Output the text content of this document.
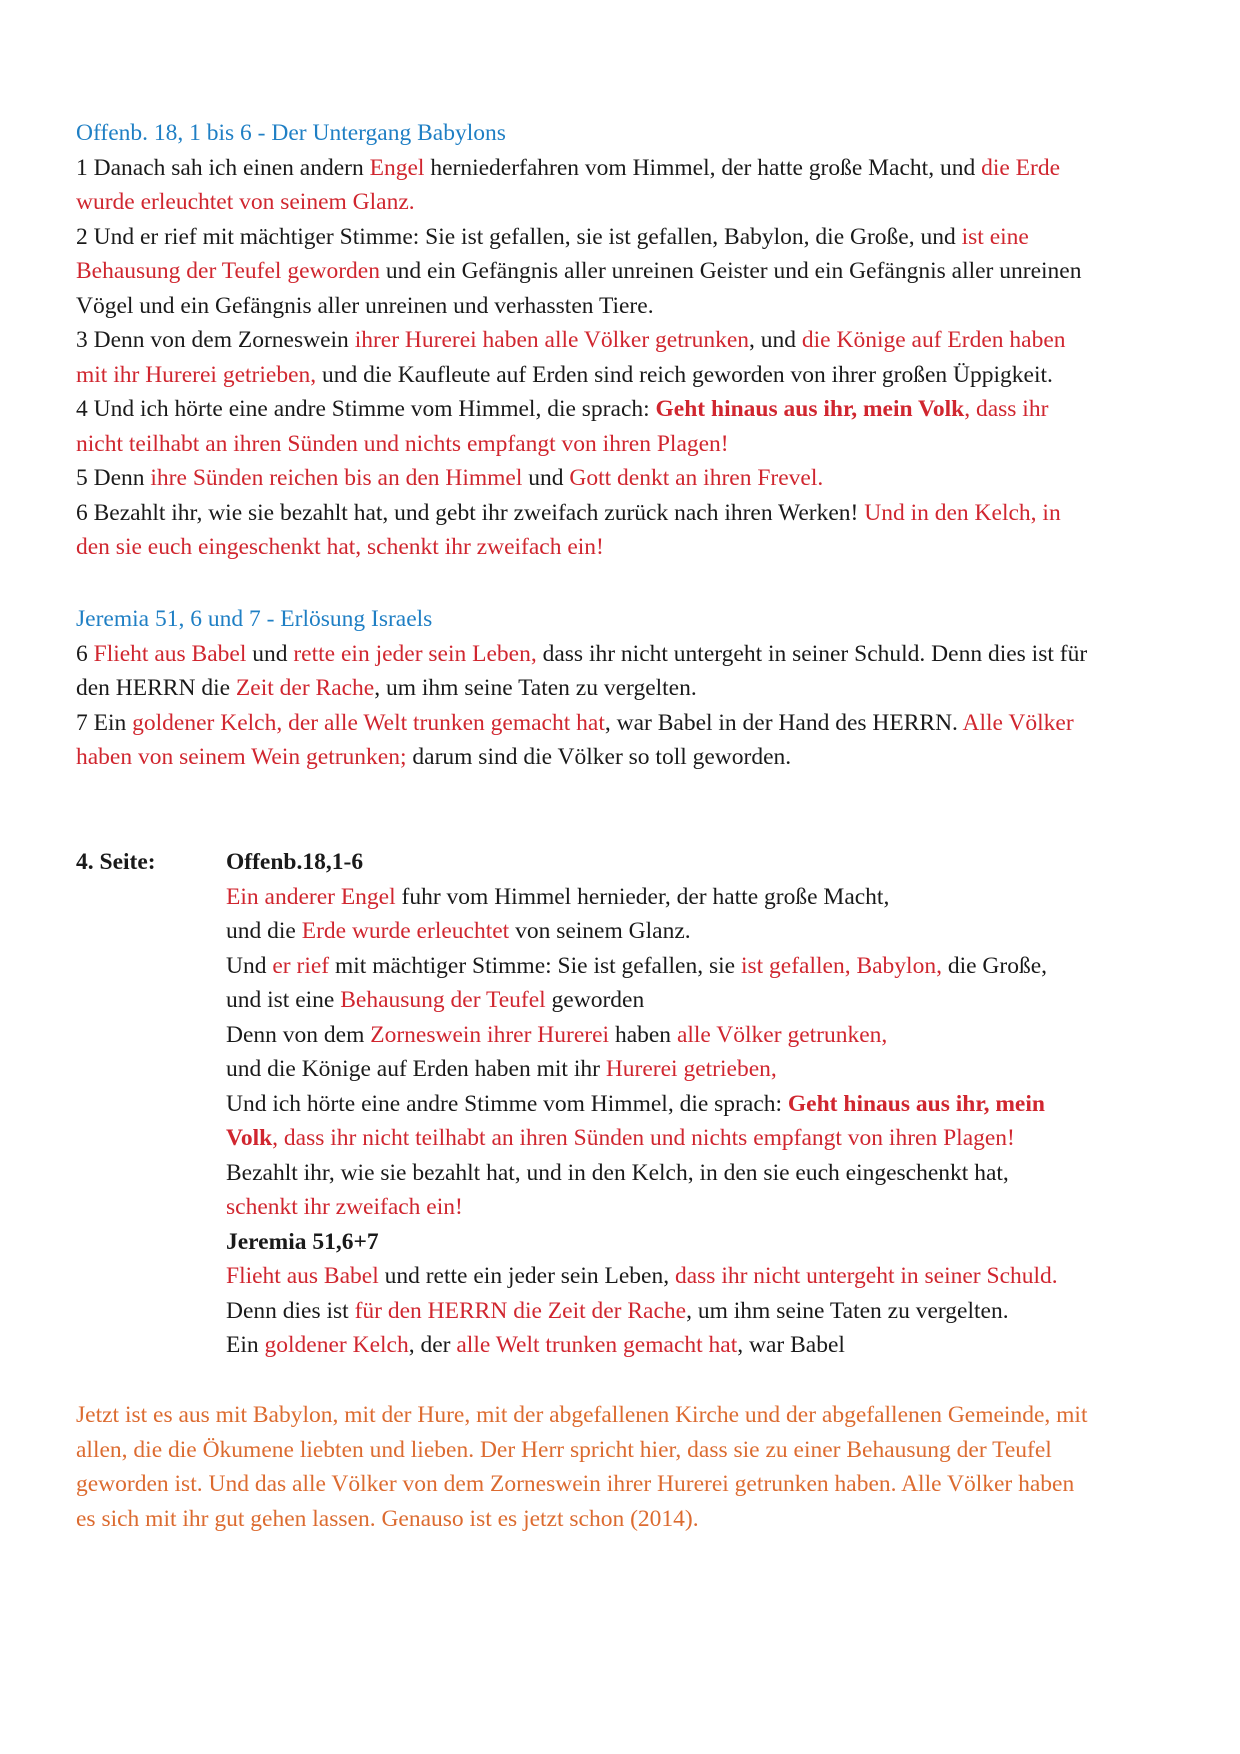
Offenb. 18, 1 bis 6 - Der Untergang Babylons
1 Danach sah ich einen andern Engel herniederfahren vom Himmel, der hatte große Macht, und die Erde
wurde erleuchtet von seinem Glanz.
2 Und er rief mit mächtiger Stimme: Sie ist gefallen, sie ist gefallen, Babylon, die Große, und ist eine
Behausung der Teufel geworden und ein Gefängnis aller unreinen Geister und ein Gefängnis aller unreinen
Vögel und ein Gefängnis aller unreinen und verhassten Tiere.
3 Denn von dem Zorneswein ihrer Hurerei haben alle Völker getrunken, und die Könige auf Erden haben
mit ihr Hurerei getrieben, und die Kaufleute auf Erden sind reich geworden von ihrer großen Üppigkeit.
4 Und ich hörte eine andre Stimme vom Himmel, die sprach: Geht hinaus aus ihr, mein Volk, dass ihr
nicht teilhabt an ihren Sünden und nichts empfangt von ihren Plagen!
5 Denn ihre Sünden reichen bis an den Himmel und Gott denkt an ihren Frevel.
6 Bezahlt ihr, wie sie bezahlt hat, und gebt ihr zweifach zurück nach ihren Werken! Und in den Kelch, in
den sie euch eingeschenkt hat, schenkt ihr zweifach ein!
Jeremia 51, 6 und 7 - Erlösung Israels
6 Flieht aus Babel und rette ein jeder sein Leben, dass ihr nicht untergeht in seiner Schuld. Denn dies ist für
den HERRN die Zeit der Rache, um ihm seine Taten zu vergelten.
7 Ein goldener Kelch, der alle Welt trunken gemacht hat, war Babel in der Hand des HERRN. Alle Völker
haben von seinem Wein getrunken; darum sind die Völker so toll geworden.
4. Seite:	Offenb.18,1-6
Ein anderer Engel fuhr vom Himmel hernieder, der hatte große Macht,
und die Erde wurde erleuchtet von seinem Glanz.
Und er rief mit mächtiger Stimme: Sie ist gefallen, sie ist gefallen, Babylon, die Große,
und ist eine Behausung der Teufel geworden
Denn von dem Zorneswein ihrer Hurerei haben alle Völker getrunken,
und die Könige auf Erden haben mit ihr Hurerei getrieben,
Und ich hörte eine andre Stimme vom Himmel, die sprach: Geht hinaus aus ihr, mein
Volk, dass ihr nicht teilhabt an ihren Sünden und nichts empfangt von ihren Plagen!
Bezahlt ihr, wie sie bezahlt hat, und in den Kelch, in den sie euch eingeschenkt hat,
schenkt ihr zweifach ein!
Jeremia 51,6+7
Flieht aus Babel und rette ein jeder sein Leben, dass ihr nicht untergeht in seiner Schuld.
Denn dies ist für den HERRN die Zeit der Rache, um ihm seine Taten zu vergelten.
Ein goldener Kelch, der alle Welt trunken gemacht hat, war Babel
Jetzt ist es aus mit Babylon, mit der Hure, mit der abgefallenen Kirche und der abgefallenen Gemeinde, mit
allen, die die Ökumene liebten und lieben. Der Herr spricht hier, dass sie zu einer Behausung der Teufel
geworden ist. Und das alle Völker von dem Zorneswein ihrer Hurerei getrunken haben. Alle Völker haben
es sich mit ihr gut gehen lassen. Genauso ist es jetzt schon (2014).
